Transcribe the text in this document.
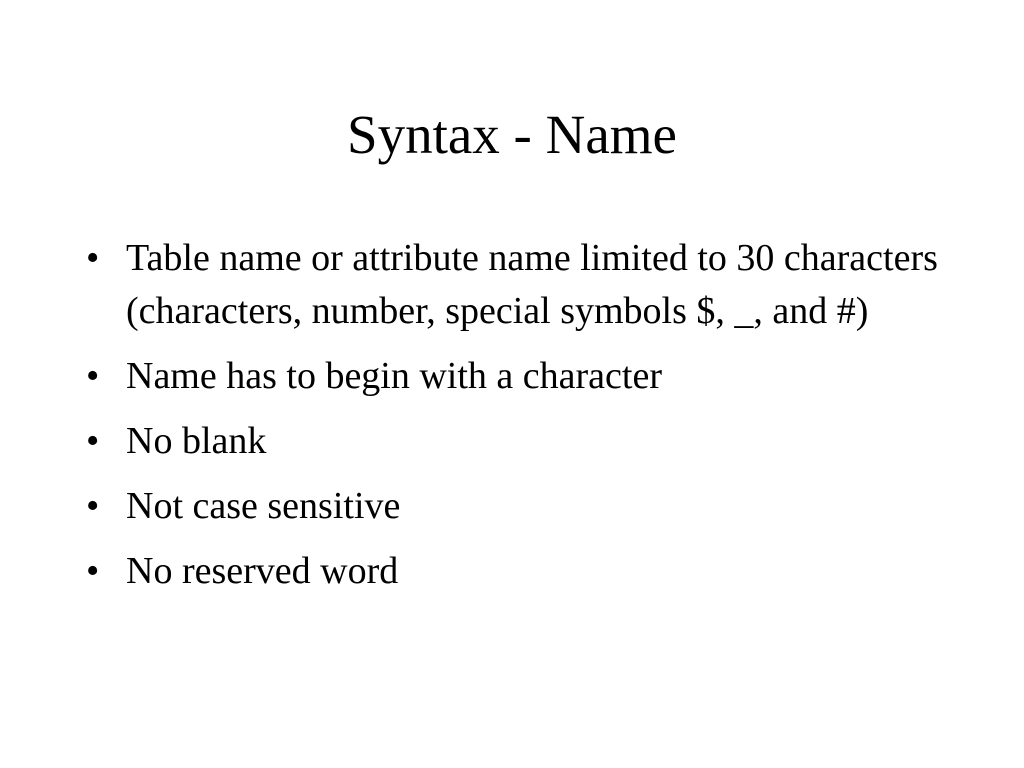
Syntax - Name
• Table name or attribute name limited to 30 characters (characters, number, special symbols $, _, and #)
• Name has to begin with a character
• No blank
• Not case sensitive
• No reserved word
